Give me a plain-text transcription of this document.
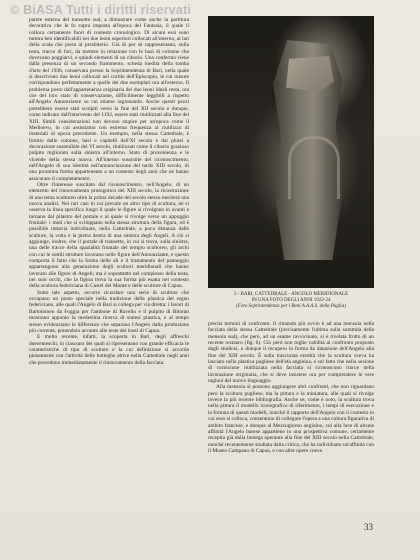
© BiASA Tutti i diritti riservati

parete esterna del transetto sud, a dimostrare come anche la partitura decorativa che le fu sopra imposta all'epoca del Fantasia, il quale li colloca certamente fuori di contesto cronologico. Di alcuni essi sono tuttora ben identificabili nei due leoni superiori collocati all'esterno, ai lati della scala che porta al presbiterio. Già di per sé rappresentano, sulla testa, tracce di fori, da mettere in relazione con le basi di colonne che dovevano poggiarvi, e quindi elementi di un ciborio. Una conferma viene dalla presenza di un secondo frammento, scheda inedita della tomba d'arte del 1936, conservata presso la Soprintendenza di Bari, nella quale si descrivono due leoni collocati nel cortile dell'Episcopio, le cui misure corrispondono perfettamente a quelle dei due esemplari ora all'esterno. Il problema posto dall'appartenenza originaria dei due leoni ideali resta, ora che del loro stato di conservazione, difficilmente leggibili a rispetto all'Angelo Annunziante su cui stiamo ragionando. Anche questi pezzi potrebbero essere stati scolpiti verso la fine del XII secolo e dunque, come indicato dall'intervento del 1192, essere stati riutilizzati alla fine del XIII. Simili considerazioni non devono stupire per un'epoca come il Medioevo, in cui assistiamo con estrema frequenza al riutilizzo di materiali di epoca precedente. Un esempio, nella stessa Cattedrale, è fornito dalle colonne, basi e capitelli dell'XI secolo e dai plutei a decorazione sostenibile del VI secolo, riutilizzati come il ciborio grazioso pulpito mgliorato sulla sinistra all'interno. Stato di provenienza e le vicende della stessa nuova. All'interno sussistite del riconoscimento, nell'Angelo di sua identità nell'annunciazione del tardo XIII secolo, di una prossima forma appartenente a un contesto degli anni che ne hanno assicurato il completamento.

Oltre l'interesse suscitato dal riconoscimento, nell'Angelo, di un elemento del rinnovamento protogotico del XIII secolo, la ricostruzione di uno tema scultoreo oltre la prima decade del secolo stesso meriterà una nuova analisi. Nei rari casi in cui prevale un altro tipo di scultura, né si osserva la linea specifica lungo il quale le figure si rivolgono in avanti e tornano dal pilastro del portale e al quale si rivolge verso un appoggio frontale: i moti che si sviluppano nella stessa struttura della figura, ed è possibile tuttavia individuare, nella Cattedrale, a poca distanza dalle sculture, la volta e la pietra destra di una sinistra degli Angeli. A ciò si aggiunge, inoltre, che il portale di transetto, in cui si trova, sulla sinistra, una delle tracce della spazialità frontale del tempio scultoreo, gli archi con cui le sottili strutture lavorano nelle figure dell'Annunziante, e questo comporta il fatto che la forma delle ali e il trattamento del panneggio appartengono alla generazione degli scultori meridionali che hanno lavorato alle figure di Angeli; ma è soprattutto nel complesso della testa, nei suoi occhi, che la figura trova la sua forma più esatta nel contesto della scultura federiciana di Castel del Monte e delle sculture di Capua.

Sotto tale aspetto, occorre ricordare una serie di sculture che occupano un posto speciale nella tradizione della plastica del regno federiciano, alle quali l'Angelo di Bari si collega per via diretta: i lavori di Bartolomeo da Foggia per l'ambone di Ravello e il pulpito di Bitonto mostrano appunto la medesima ricerca di sintesi plastica, e al tempo stesso evidenziano le differenze che separano l'Angelo dalla produzione più corrente, ponendolo accanto alle teste dei busti di Capua.

E molto recente, infatti, la scoperta in Bari, degli affreschi duecenteschi, in ciascuno dei quali si ripresentano con grande efficacia le caratteristiche di tipo di sculture e la cui definizione si accorda pienamente con l'attività delle botteghe attive nella Cattedrale negli anni che precedono immediatamente il rinnovamento della facciata.

3 - BARI, CATTEDRALE - ANGOLO MERIDIONALE
IN UNA FOTO DEGLI ANNI 1922-24
(Foto Soprintendenza per i Beni A.A.A.S. della Puglia)

precisi termini di confronto. Il rimando più ovvio è ad una mensola nella facciata della stessa Cattedrale (precisamente l'ultima sulla sommità della mensola sud), che però, ad un esame ravvicinato, si è rivelata frutto di un recente restauro (fig. 6). Ciò però non toglie validità al confronto proposto dagli studiosi, o dunque il recupero in forma da datazione dell'Angelo alla fine del XIII secolo. È sulla trascurata eredità che la scultura sveva ha lasciato nella plastica pugliese dell'età angioina, e sul fatto che nella sezione di cornicione riutilizzata nella facciata si riconoscono tracce della lavorazione originaria, che si deve insistere ora per comprendere le vere ragioni del nuovo linguaggio.

Alla mensola si possono aggiungere altri confronti, che non riguardano però la scultura pugliese, ma la pittura e la miniatura, alle quali si rivolge invece la più recente bibliografia. Anche se, come è noto, la scultura trova nella pittura il modello iconografico di riferimento, i tempi di esecuzione e la fortuna di questi modelli, nonché il rapporto dell'Angelo con il contesto in cui esso si colloca, consentono di collegare l'opera a una cultura figurativa di ambito francese, e dunque al Mezzogiorno angioino, cui alla luce di alcune affinità l'Angelo barese appartiene in una prospettiva comune, certamente recepita già dalla bottega operante alla fine del XIII secolo nella Cattedrale, nonché recentemente studiata dalla critica, che ha individuato un'affinità con il Museo Campano di Capua, e con altre opere coeve.

33
